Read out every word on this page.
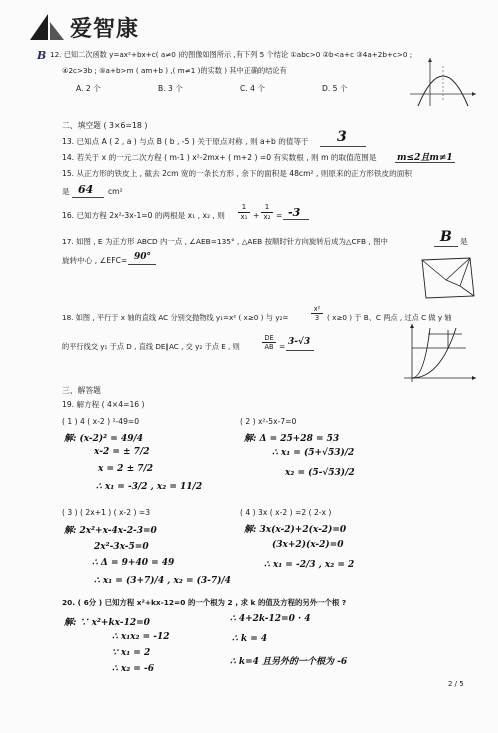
爱智康
B 12. 已知二次函数 y=ax²+bx+c( a≠0 )的图像如图所示 ,有下列 5 个结论 ①abc>0 ②b<a+c ③4a+2b+c>0 ;
④2c>3b ; ⑤a+b>m ( am+b ) ,( m≠1 )的实数 ) 其中正确的结论有
A. 2 个	B. 3 个	C. 4 个	D. 5 个
二、填空题 ( 3×6=18 )
13. 已知点 A ( 2 , a ) 与点 B ( b , -5 ) 关于原点对称 , 则 a+b 的值等于 3
14. 若关于 x 的一元二次方程 ( m-1 ) x²-2mx+ ( m+2 ) =0 有实数根 , 则 m 的取值范围是 m≤2且m≠1
15. 从正方形的铁皮上 , 截去 2cm 宽的一条长方形 , 余下的面积是 48cm² , 则原来的正方形铁皮的面积
是 64 cm²
16. 已知方程 2x²-3x-1=0 的两根是 x₁ , x₂ , 则 $\frac{1}{\text{x₁}} + \frac{1}{\text{x₂}} = -3$
17. 如图 , E 为正方形 ABCD 内一点 , ∠AEB=135° , △AEB 按顺时针方向旋转后成为△CFB , 图中	B 是
旋转中心 , ∠EFC= 90°
18. 如图 , 平行于 x 轴的直线 AC 分别交抛物线 y₁=x² ( x≥0 ) 与 y₂=	$\frac{\text{x²}}{3}$ ( x≥0 ) 于 B、C 两点 , 过点 C 做 y 轴
的平行线交 y₁ 于点 D , 直线 DE∥AC , 交 y₂ 于点 E , 则	$\frac{DE}{AB} = 3-√3$
三、解答题
19. 解方程 ( 4×4=16 )
( 1 ) 4 ( x-2 ) ²-49=0
解: (x-2)² = 49/4
x-2 = ± 7/2
x = 2 ± 7/2
∴ x₁ = -3/2 , x₂ = 11/2
( 2 ) x²-5x-7=0
解: Δ = 25+28 = 53
∴ x₁ = (5+√53)/2
x₂ = (5-√53)/2
( 3 ) ( 2x+1 ) ( x-2 ) =3
解: 2x²+x-4x-2-3=0
2x²-3x-5=0
∴ Δ = 9+40 = 49
∴ x₁ = (3+7)/4 , x₂ = (3-7)/4
( 4 ) 3x ( x-2 ) =2 ( 2-x )
解: 3x(x-2)+2(x-2)=0
(3x+2)(x-2)=0
∴ x₁ = -2/3 , x₂ = 2
20. ( 6分 ) 已知方程 x²+kx-12=0 的一个根为 2 , 求 k 的值及方程的另外一个根 ?
解: ∵ x²+kx-12=0
∴ x₁x₂ = -12
∵ x₁ = 2
∴ x₂ = -6
∴ 4+2k-12=0 · 4
∴ k = 4
∴ k=4 且另外的一个根为 -6
2 / 5
